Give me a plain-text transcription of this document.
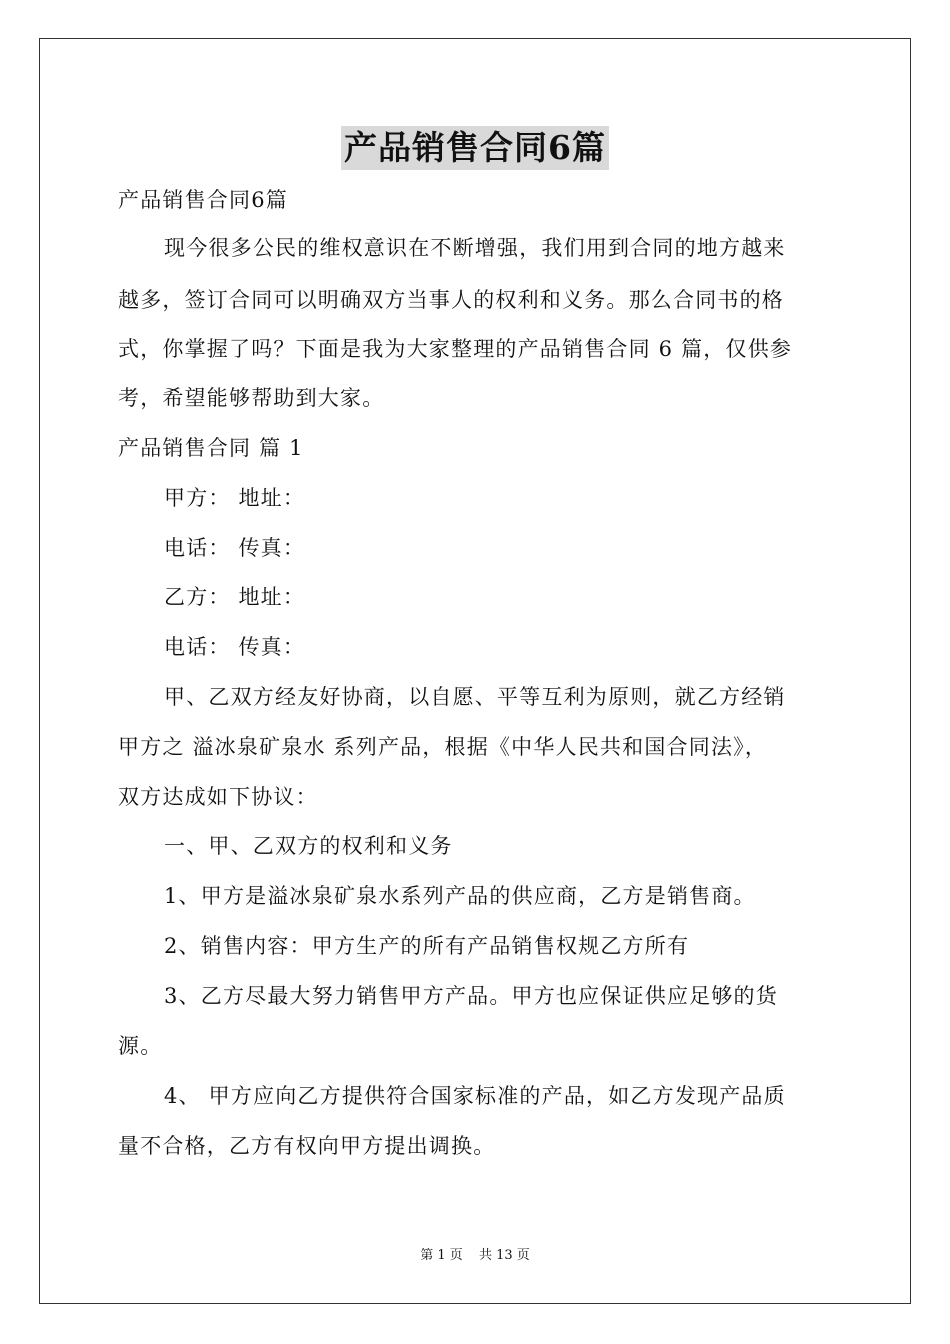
产品销售合同6篇
产品销售合同6篇
现今很多公民的维权意识在不断增强，我们用到合同的地方越来
越多，签订合同可以明确双方当事人的权利和义务。那么合同书的格
式，你掌握了吗？下面是我为大家整理的产品销售合同 6 篇，仅供参
考，希望能够帮助到大家。
产品销售合同 篇 1
甲方： 地址：
电话： 传真：
乙方： 地址：
电话： 传真：
甲、乙双方经友好协商，以自愿、平等互利为原则，就乙方经销
甲方之 溢冰泉矿泉水 系列产品，根据《中华人民共和国合同法》，
双方达成如下协议：
一、甲、乙双方的权利和义务
1、甲方是溢冰泉矿泉水系列产品的供应商，乙方是销售商。
2、销售内容：甲方生产的所有产品销售权规乙方所有
3、乙方尽最大努力销售甲方产品。甲方也应保证供应足够的货
源。
4、 甲方应向乙方提供符合国家标准的产品，如乙方发现产品质
量不合格，乙方有权向甲方提出调换。
第 1 页 共 13 页
